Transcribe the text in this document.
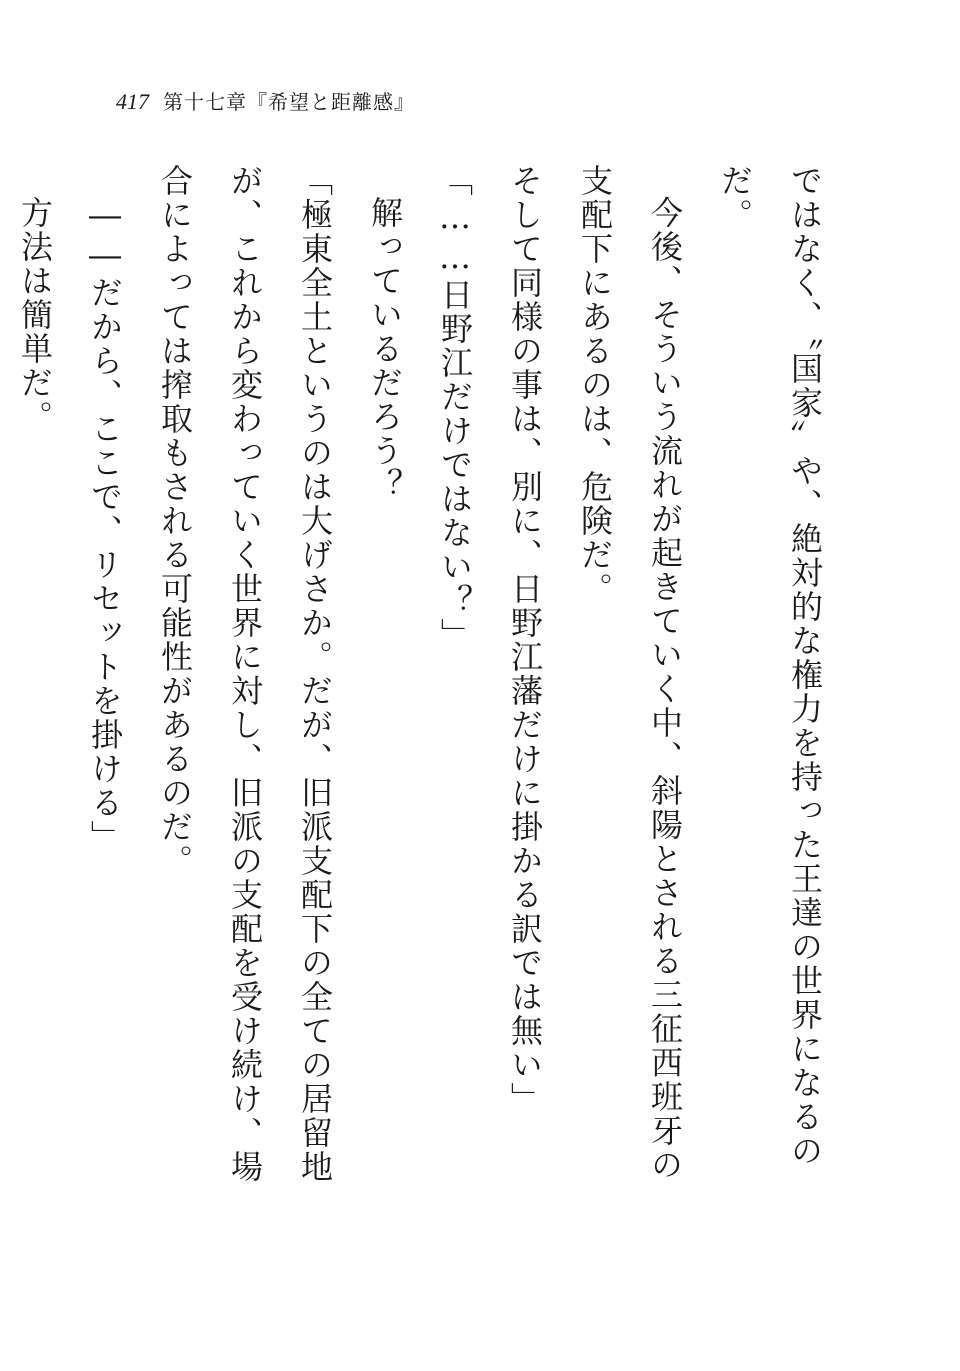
417 第十七章『希望と距離感』

ではなく、〝国家〟や、絶対的な権力を持った王達の世界になるのだ。

今後、そういう流れが起きていく中、斜陽とされる三征西班牙の支配下にあるのは、危険だ。

そして同様の事は、別に、日野江藩だけに掛かる訳では無い」

「……日野江だけではない？」

解っているだろう？

「極東全土というのは大げさか。だが、旧派支配下の全ての居留地が、これから変わっていく世界に対し、旧派の支配を受け続け、場合によっては搾取もされる可能性があるのだ。

――だから、ここで、リセットを掛ける」

方法は簡単だ。
